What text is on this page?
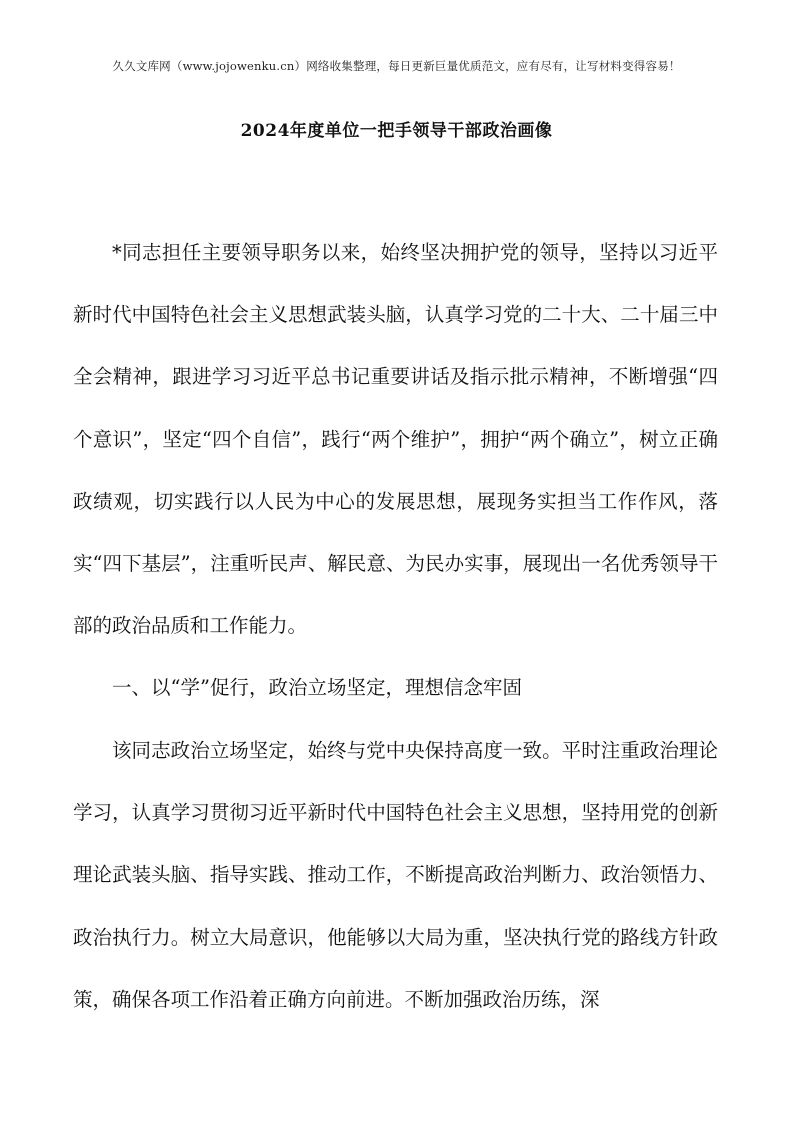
久久文库网（www.jojowenku.cn）网络收集整理，每日更新巨量优质范文，应有尽有，让写材料变得容易！
2024年度单位一把手领导干部政治画像

*同志担任主要领导职务以来，始终坚决拥护党的领导，坚持以习近平新时代中国特色社会主义思想武装头脑，认真学习党的二十大、二十届三中全会精神，跟进学习习近平总书记重要讲话及指示批示精神，不断增强“四个意识”，坚定“四个自信”，践行“两个维护”，拥护“两个确立”，树立正确政绩观，切实践行以人民为中心的发展思想，展现务实担当工作作风，落实“四下基层”，注重听民声、解民意、为民办实事，展现出一名优秀领导干部的政治品质和工作能力。

一、以“学”促行，政治立场坚定，理想信念牢固

该同志政治立场坚定，始终与党中央保持高度一致。平时注重政治理论学习，认真学习贯彻习近平新时代中国特色社会主义思想，坚持用党的创新理论武装头脑、指导实践、推动工作，不断提高政治判断力、政治领悟力、政治执行力。树立大局意识，他能够以大局为重，坚决执行党的路线方针政策，确保各项工作沿着正确方向前进。不断加强政治历练，深
